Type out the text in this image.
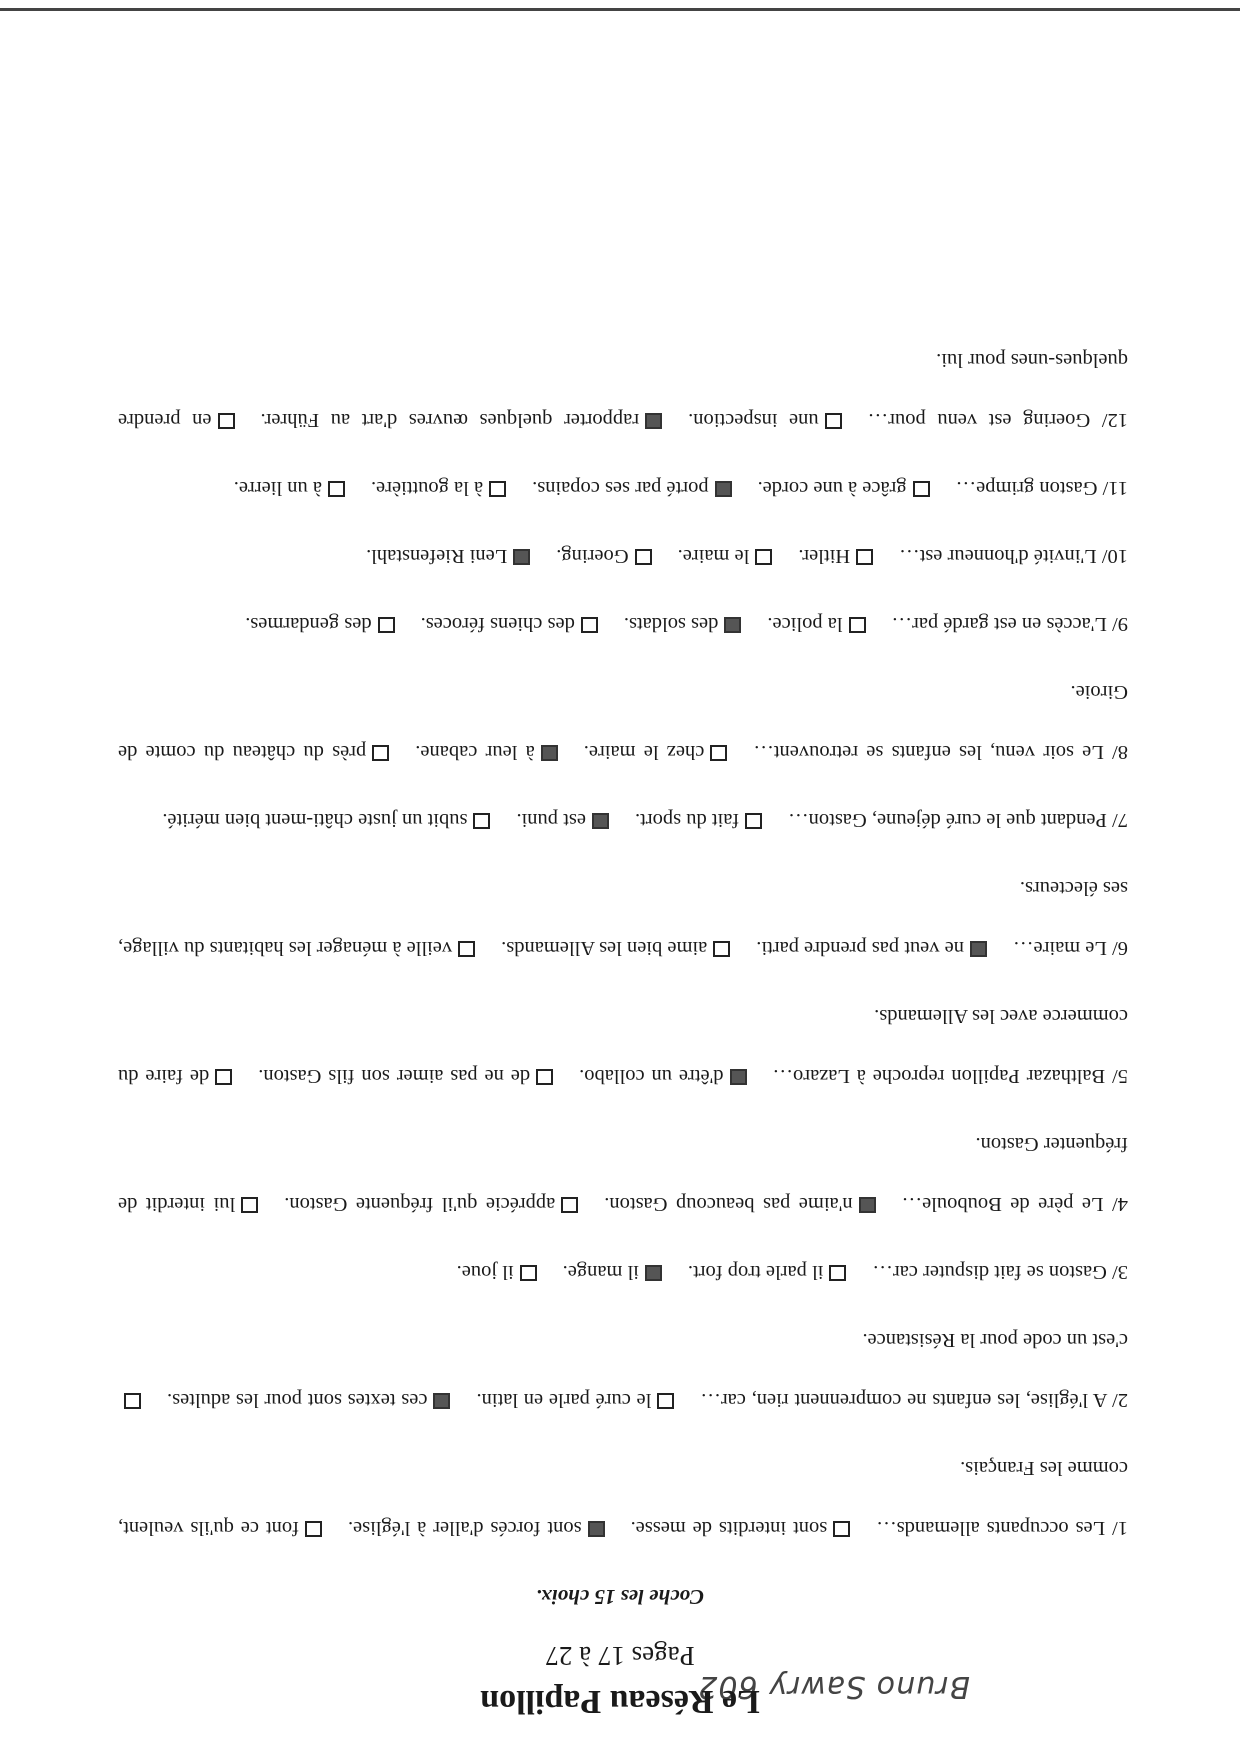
Bruno Sawry 602
Le Réseau Papillon
Pages 17 à 27
Coche les 15 choix.
1/ Les occupants allemands…sont interdits de messe.sont forcés d'aller à l'église.font ce qu'ils veulent, comme les Français.
2/ A l'église, les enfants ne comprennent rien, car…le curé parle en latin.ces textes sont pour les adultes.c'est un code pour la Résistance.
3/ Gaston se fait disputer car…il parle trop fort.il mange.il joue.
4/ Le père de Bouboule…n'aime pas beaucoup Gaston.apprécie qu'il fréquente Gaston.lui interdit de fréquenter Gaston.
5/ Balthazar Papillon reproche à Lazaro…d'être un collabo.de ne pas aimer son fils Gaston.de faire du commerce avec les Allemands.
6/ Le maire…ne veut pas prendre parti.aime bien les Allemands.veille à ménager les habitants du village, ses électeurs.
7/ Pendant que le curé déjeune, Gaston…fait du sport.est puni.subit un juste châti-ment bien mérité.
8/ Le soir venu, les enfants se retrouvent…chez le maire.à leur cabane.près du château du comte de Giroie.
9/ L'accès en est gardé par…la police.des soldats.des chiens féroces.des gendarmes.
10/ L'invité d'honneur est…Hitler.le maire.Goering.Leni Riefenstahl.
11/ Gaston grimpe…grâce à une corde.porté par ses copains.à la gouttière.à un lierre.
12/ Goering est venu pour…une inspection.rapporter quelques œuvres d'art au Führer.en prendre quelques-unes pour lui.
